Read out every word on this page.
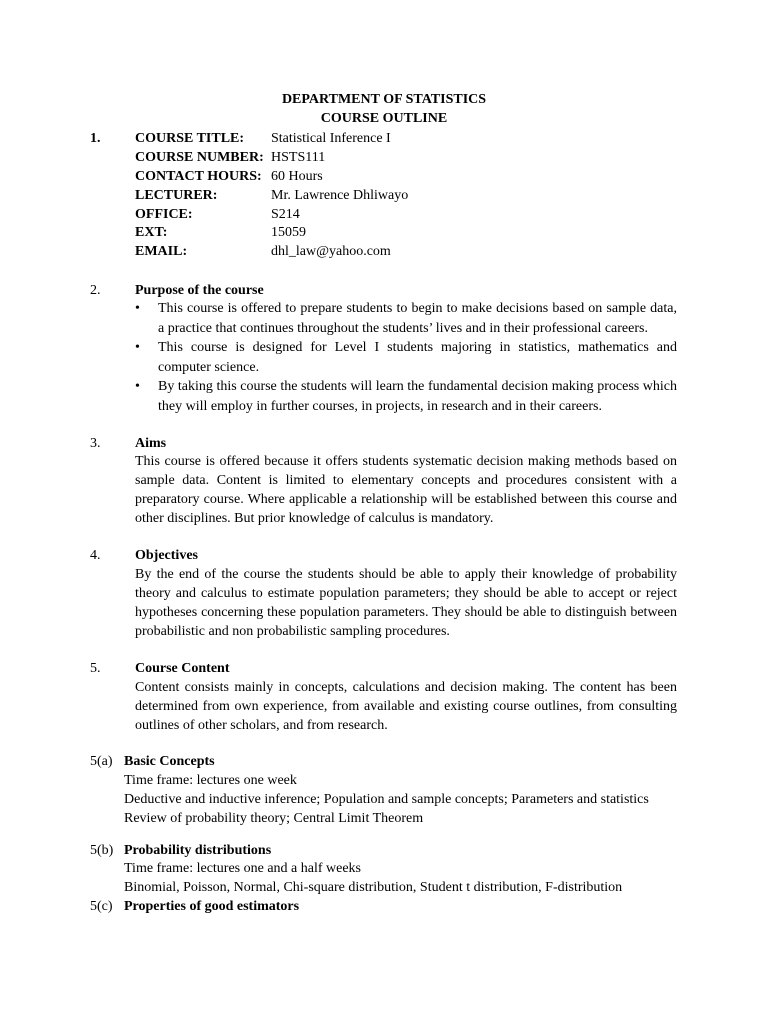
DEPARTMENT OF STATISTICS
COURSE OUTLINE
1. COURSE TITLE: Statistical Inference I
COURSE NUMBER: HSTS111
CONTACT HOURS: 60 Hours
LECTURER:	Mr. Lawrence Dhliwayo
OFFICE:	S214
EXT:	15059
EMAIL:	dhl_law@yahoo.com
2. Purpose of the course
• This course is offered to prepare students to begin to make decisions based on sample data, a practice that continues throughout the students’ lives and in their professional careers.
• This course is designed for Level I students majoring in statistics, mathematics and computer science.
• By taking this course the students will learn the fundamental decision making process which they will employ in further courses, in projects, in research and in their careers.
3. Aims

This course is offered because it offers students systematic decision making methods based on sample data. Content is limited to elementary concepts and procedures consistent with a preparatory course. Where applicable a relationship will be established between this course and other disciplines. But prior knowledge of calculus is mandatory.

4. Objectives

By the end of the course the students should be able to apply their knowledge of probability theory and calculus to estimate population parameters; they should be able to accept or reject hypotheses concerning these population parameters. They should be able to distinguish between probabilistic and non probabilistic sampling procedures.

5. Course Content

Content consists mainly in concepts, calculations and decision making. The content has been determined from own experience, from available and existing course outlines, from consulting outlines of other scholars, and from research.

5(a) Basic Concepts
Time frame: lectures one week
Deductive and inductive inference; Population and sample concepts; Parameters and statistics
Review of probability theory; Central Limit Theorem
5(b) Probability distributions
Time frame: lectures one and a half weeks
Binomial, Poisson, Normal, Chi-square distribution, Student t distribution, F-distribution
5(c) Properties of good estimators
